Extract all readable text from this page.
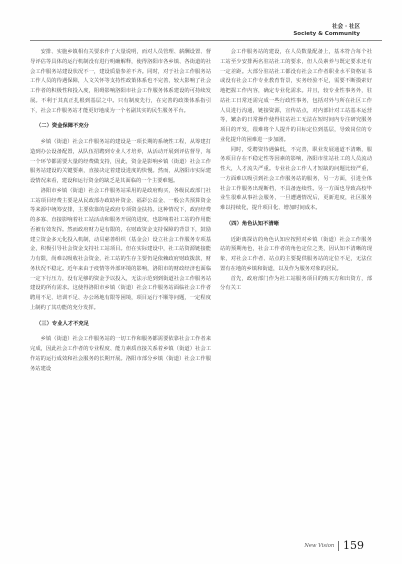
社会 · 社区
Society & Community

安排、实施乡镇相有关要求作了大量说明，而对人员管理、薪酬设置、督导评估等具体的运行机制没有进行明确解释，使得洛阳市各乡镇、各街道的社会工作服务站建设状况不一，建设质量参差不齐。同时，对于社会工作服务站工作人员的待遇保障，人文关怀等支持性政策体系也不完善，较大影响了社会工作者的积极性和投入度，阻碍影响洛阳市社会工作服务体系建设的可持续发展。不利于其真正扎根到基层之中。只有制度先行，在完善的政策体系指引下，社会工作服务站才能更好地成为一个名副其实的民生服务平台。

（二）资金保障不充分

乡镇（街道）社会工作服务站的建设是一项长期的系统性工程，从筹建打造到办公设备配置，从队伍招聘到专业人才培养，从活动开展到评估督导，每一个环节都需要大量的经费做支持，因此，资金是影响乡镇（街道）社会工作服务站建设的关键要素，直接决定着建设进度的快慢。然而，从洛阳市实际建设情况来看，建设和运行资金的缺乏是其面临的一个主要难题。

洛阳市乡镇（街道）社会工作服务站采用的是政府购买，各级民政部门社工站项目经费主要是从民政部办政助补资金、福彩公益金、一般公共预算资金等来源中统筹安排，主要依靠的是政府专项资金扶持。这种情况下，政府经费的多寡、直接影响着社工站活动和服务开展的进度，也影响着社工站的作用能否被有效发挥。然而政府财力是有限的，在财政资金支持保障的背景下，鼓励建立资金多元化投入机制，动员慈善组织（基金会）设立社会工作服务专项基金，积极引导社会资金支持社工站项目。但在实际建设中，社工站资源链接能力有限，尚难以吸收社会资金，社工站的生存主要仍是依赖政府财政拨款，财务状况不稳定。近年来由于疫情等外部环境的影响，洛阳市的财政经济也面临一定下行压力，没有足够的资金予以投入，无法示范到到街道社会工作服务站建设的所有需求。这使得洛阳市乡镇（街道）社会工作服务站面临社会工作者聘用不足、培训不足、办公场地有限等困境，项目运行不顺等问题，一定程度上制约了其功能的充分发挥。

（三）专业人才不充足

乡镇（街道）社会工作服务站的一切工作和服务都需要依靠社会工作者来完成，因此社会工作者的专业程度、能力素质直接关系着乡镇（街道）社会工作站的运行成效和社会服务的长期开展。洛阳市部分乡镇（街道）社会工作服务站建设

会工作服务站的建设，在人员数量配备上，基本符合每个社工站至少安排两名驻站社工的要求，但人员素养与既定要求还有一定差距。大部分驻站社工都没有社会工作者职业水平资格证书或没有社会工作专业教育背景，实务经验不足，需要不断摸索好地把握工作内容，确定专业化需求。并且，较专业性事务外，驻站社工日常还需完成一些行政性事务，包括对外与所在社区工作人员进行沟通，链接资源，宣传站点，对内部针对工站基本运营等，繁杂的日常操作使得驻站社工无法在短时间内专注研究服务项目的开发，很难将个人提升的目标定位到基层，导致岗位的专业化提升的困难进一步加剧。

同时，受聘资待遇偏低，不完善，职业发展通道不清晰，服务项目存在不稳定性等因素的影响，洛阳市驻站社工的人员流动性大，人才流失严重。专业社会工作人才短缺的问题比较严重，一方面难以吸引到社会工作服务站的服务，另一方面，引进全体社会工作服务出现断档，不具备连续性。另一方面也导致高校毕业生很难从事社会服务，一旦遭遇情况后，更新进度，社区服务难以持续化，提升项目化、增加时间成本。

（四）角色认知不清晰

近距离探访的角色认知应按照对乡镇（街道）社会工作服务站的预期角色，社会工作者的角色定位之类，因认知不清晰的现象，对社会工作者、站点的主要提供服务站的定位不足，无法位置有在地的乡镇和街道，以及作为服务对象的居民。

首先，政府部门作为社工站服务项目的购买方和出资方，部分有关工

New Vision 159
